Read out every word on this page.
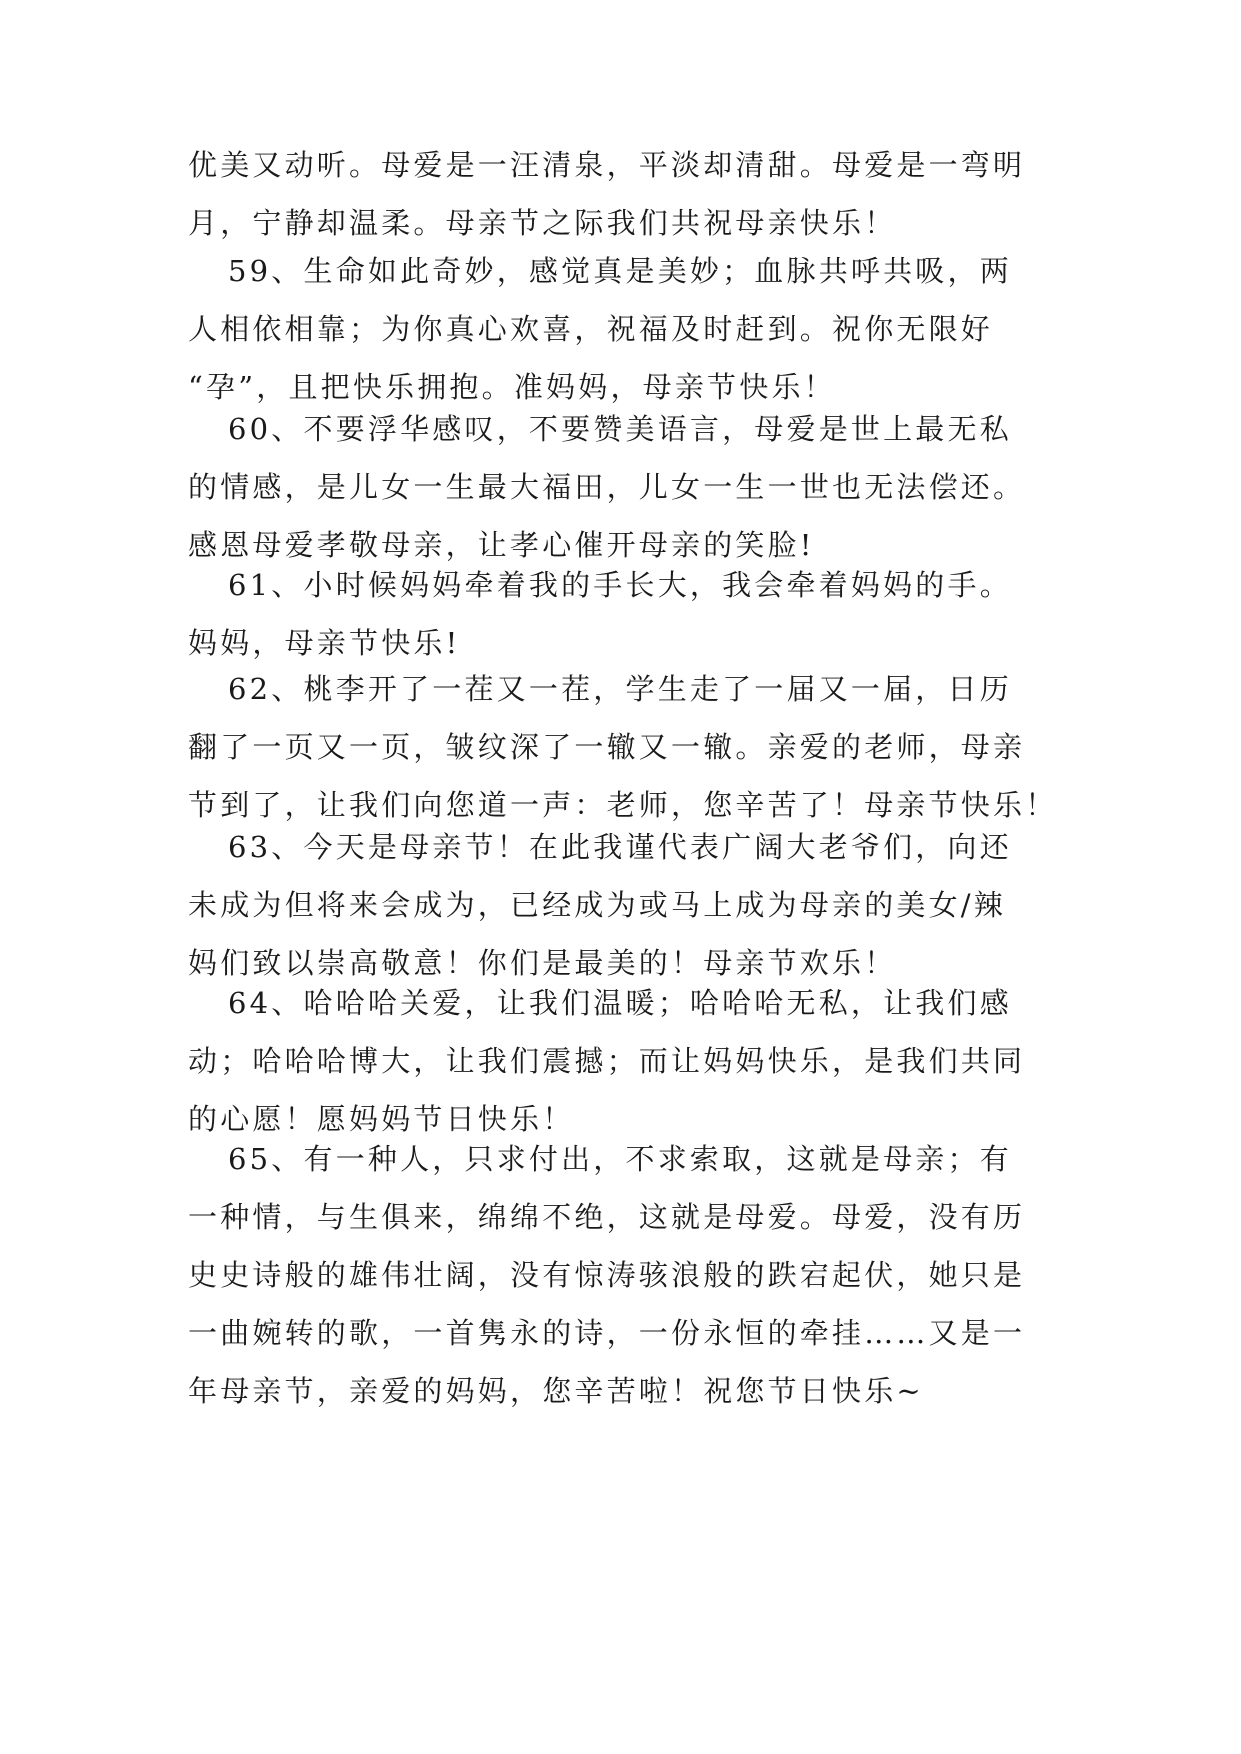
优美又动听。母爱是一汪清泉，平淡却清甜。母爱是一弯明
月，宁静却温柔。母亲节之际我们共祝母亲快乐！
59、生命如此奇妙，感觉真是美妙；血脉共呼共吸，两
人相依相靠；为你真心欢喜，祝福及时赶到。祝你无限好
“孕”，且把快乐拥抱。准妈妈，母亲节快乐！
60、不要浮华感叹，不要赞美语言，母爱是世上最无私
的情感，是儿女一生最大福田，儿女一生一世也无法偿还。
感恩母爱孝敬母亲，让孝心催开母亲的笑脸!
61、小时候妈妈牵着我的手长大，我会牵着妈妈的手。
妈妈，母亲节快乐!
62、桃李开了一茬又一茬，学生走了一届又一届，日历
翻了一页又一页，皱纹深了一辙又一辙。亲爱的老师，母亲
节到了，让我们向您道一声：老师，您辛苦了！母亲节快乐！
63、今天是母亲节！在此我谨代表广阔大老爷们，向还
未成为但将来会成为，已经成为或马上成为母亲的美女/辣
妈们致以崇高敬意！你们是最美的！母亲节欢乐！
64、哈哈哈关爱，让我们温暖；哈哈哈无私，让我们感
动；哈哈哈博大，让我们震撼；而让妈妈快乐，是我们共同
的心愿！愿妈妈节日快乐！
65、有一种人，只求付出，不求索取，这就是母亲；有
一种情，与生俱来，绵绵不绝，这就是母爱。母爱，没有历
史史诗般的雄伟壮阔，没有惊涛骇浪般的跌宕起伏，她只是
一曲婉转的歌，一首隽永的诗，一份永恒的牵挂……又是一
年母亲节，亲爱的妈妈，您辛苦啦！祝您节日快乐~
